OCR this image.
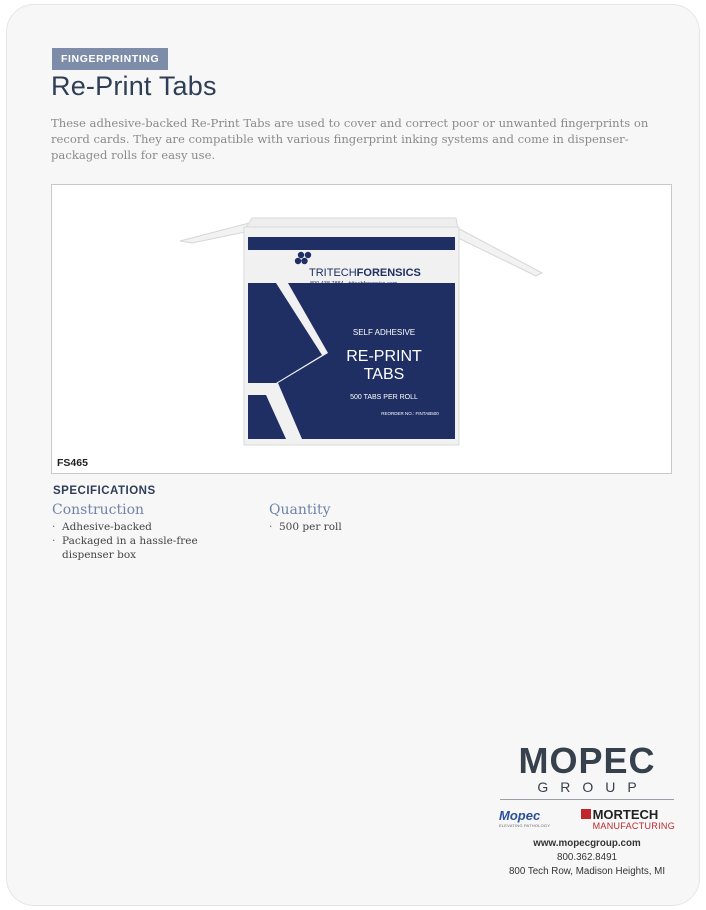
FINGERPRINTING
Re-Print Tabs

These adhesive-backed Re-Print Tabs are used to cover and correct poor or unwanted fingerprints on record cards. They are compatible with various fingerprint inking systems and come in dispenser-packaged rolls for easy use.

TRITECHFORENSICS
800.438.7884 · tritechforensics.com
SELF ADHESIVE
RE-PRINT
TABS
500 TABS PER ROLL
REORDER NO.: FINTAB500
FS465
SPECIFICATIONS
Construction
· Adhesive-backed
· Packaged in a hassle-free dispenser box
Quantity
· 500 per roll
MOPEC
GROUP
Mopec
ELEVATING PATHOLOGY
MORTECH
MANUFACTURING
www.mopecgroup.com
800.362.8491
800 Tech Row, Madison Heights, MI
